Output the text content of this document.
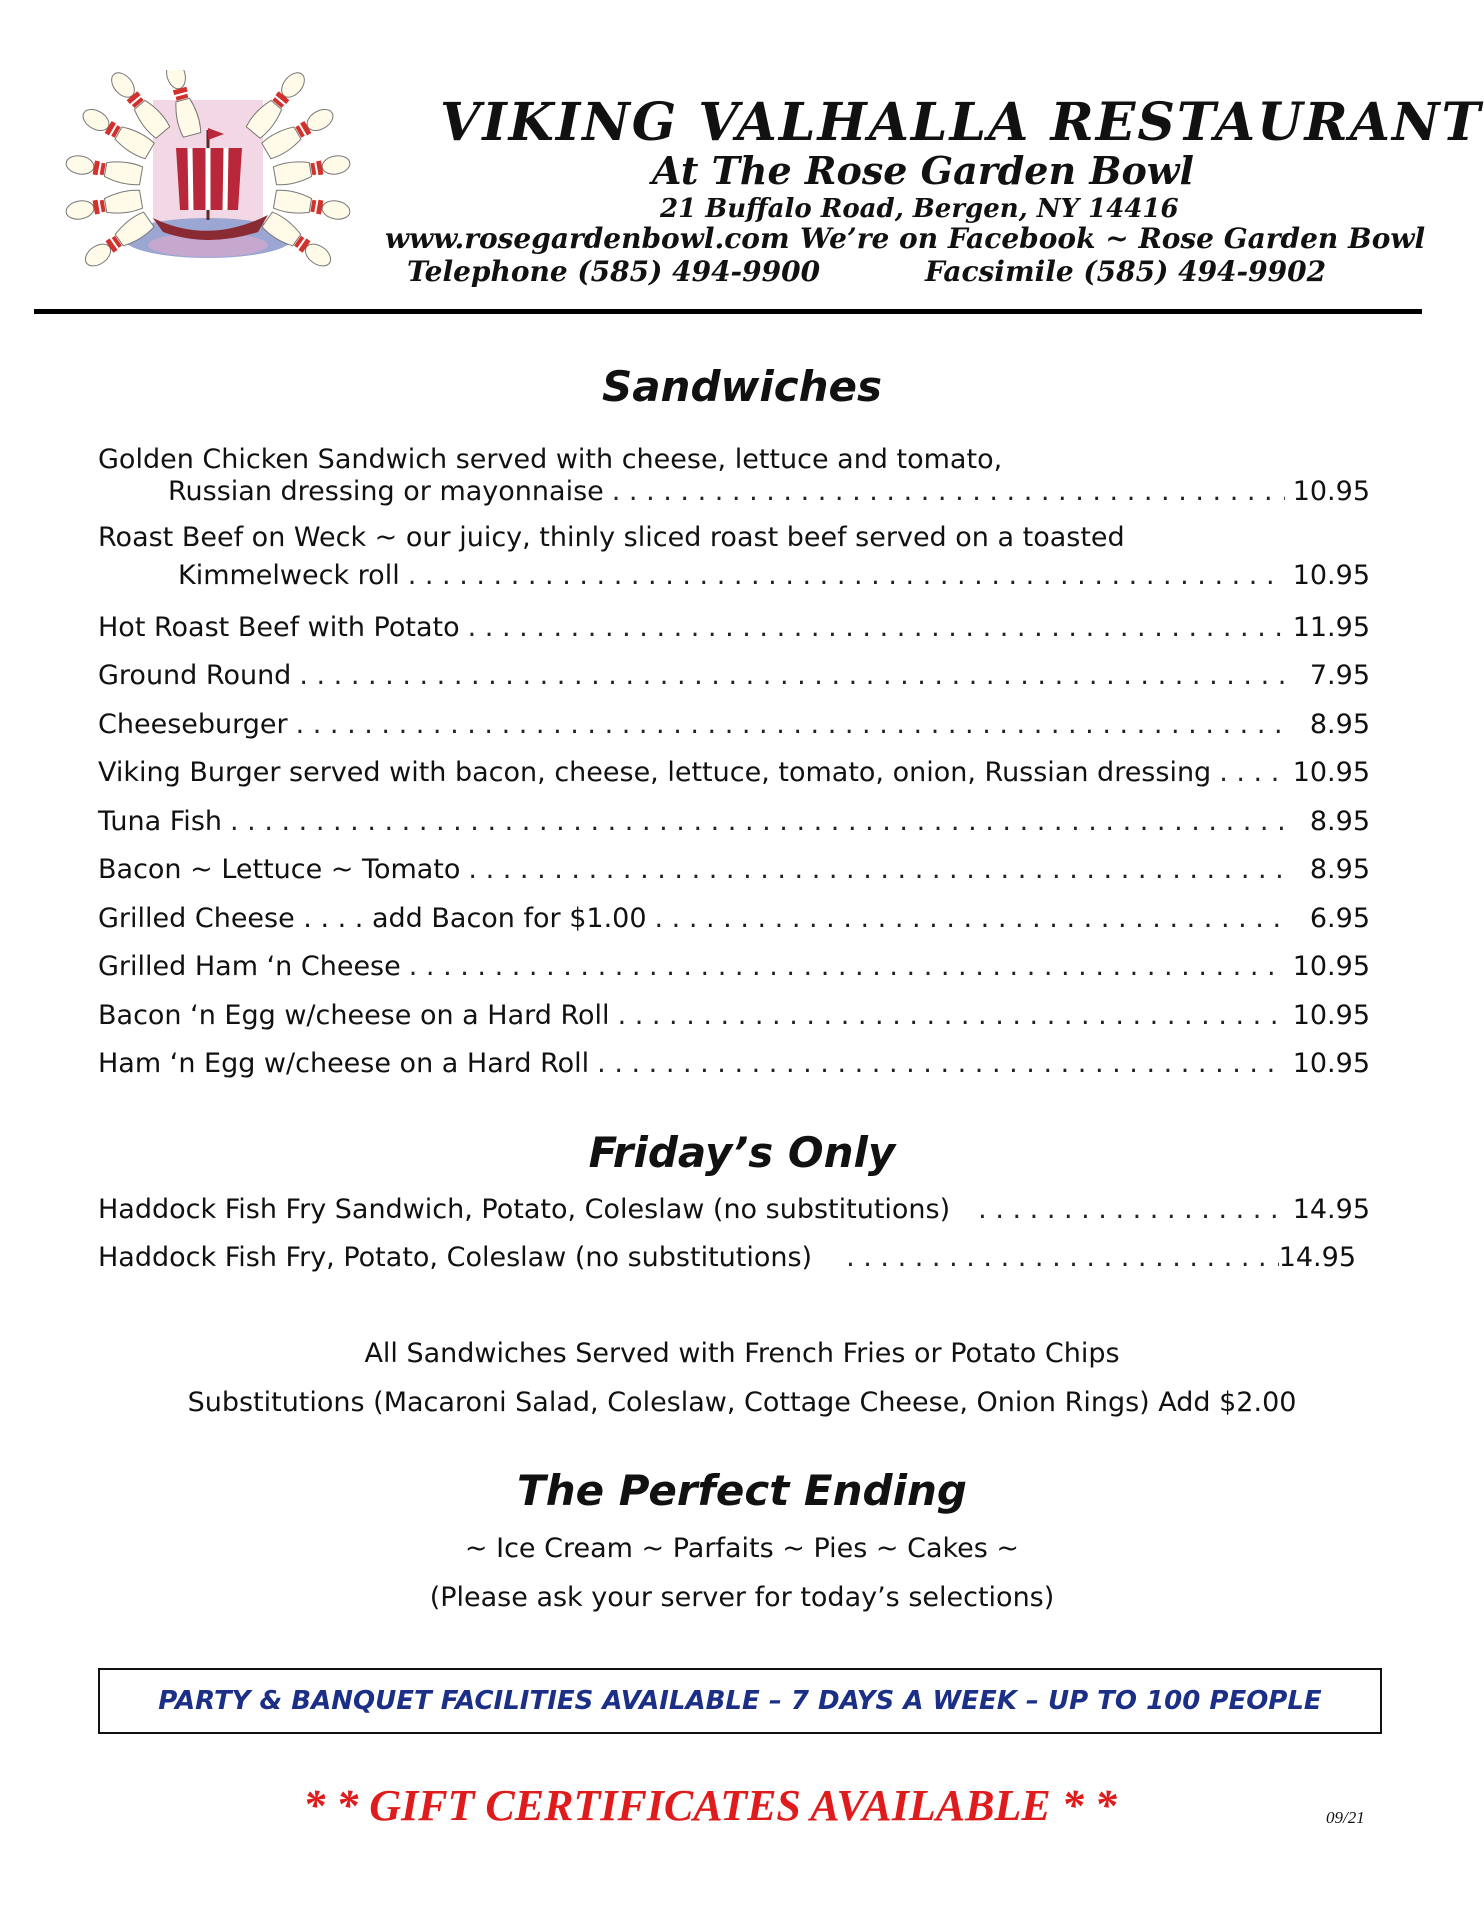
VIKING VALHALLA RESTAURANT
At The Rose Garden Bowl
21 Buffalo Road, Bergen, NY 14416
www.rosegardenbowl.com We’re on Facebook ~ Rose Garden Bowl
Telephone (585) 494-9900	Facsimile (585) 494-9902
Sandwiches
Golden Chicken Sandwich served with cheese, lettuce and tomato,
Russian dressing or mayonnaise . . .	10.95
Roast Beef on Weck ~ our juicy, thinly sliced roast beef served on a toasted
Kimmelweck roll . . .	10.95
Hot Roast Beef with Potato . . .	11.95
Ground Round . . .	7.95
Cheeseburger . . .	8.95
Viking Burger served with bacon, cheese, lettuce, tomato, onion, Russian dressing . . .	10.95
Tuna Fish . . .	8.95
Bacon ~ Lettuce ~ Tomato . . .	8.95
Grilled Cheese . . . . add Bacon for $1.00 . . .	6.95
Grilled Ham ‘n Cheese . . .	10.95
Bacon ‘n Egg w/cheese on a Hard Roll . . .	10.95
Ham ‘n Egg w/cheese on a Hard Roll . . .	10.95
Friday’s Only
Haddock Fish Fry Sandwich, Potato, Coleslaw (no substitutions) . . .	14.95
Haddock Fish Fry, Potato, Coleslaw (no substitutions) . . .	14.95
All Sandwiches Served with French Fries or Potato Chips
Substitutions (Macaroni Salad, Coleslaw, Cottage Cheese, Onion Rings) Add $2.00
The Perfect Ending
~ Ice Cream ~ Parfaits ~ Pies ~ Cakes ~
(Please ask your server for today’s selections)
PARTY & BANQUET FACILITIES AVAILABLE – 7 DAYS A WEEK – UP TO 100 PEOPLE
* * GIFT CERTIFICATES AVAILABLE * *	09/21
